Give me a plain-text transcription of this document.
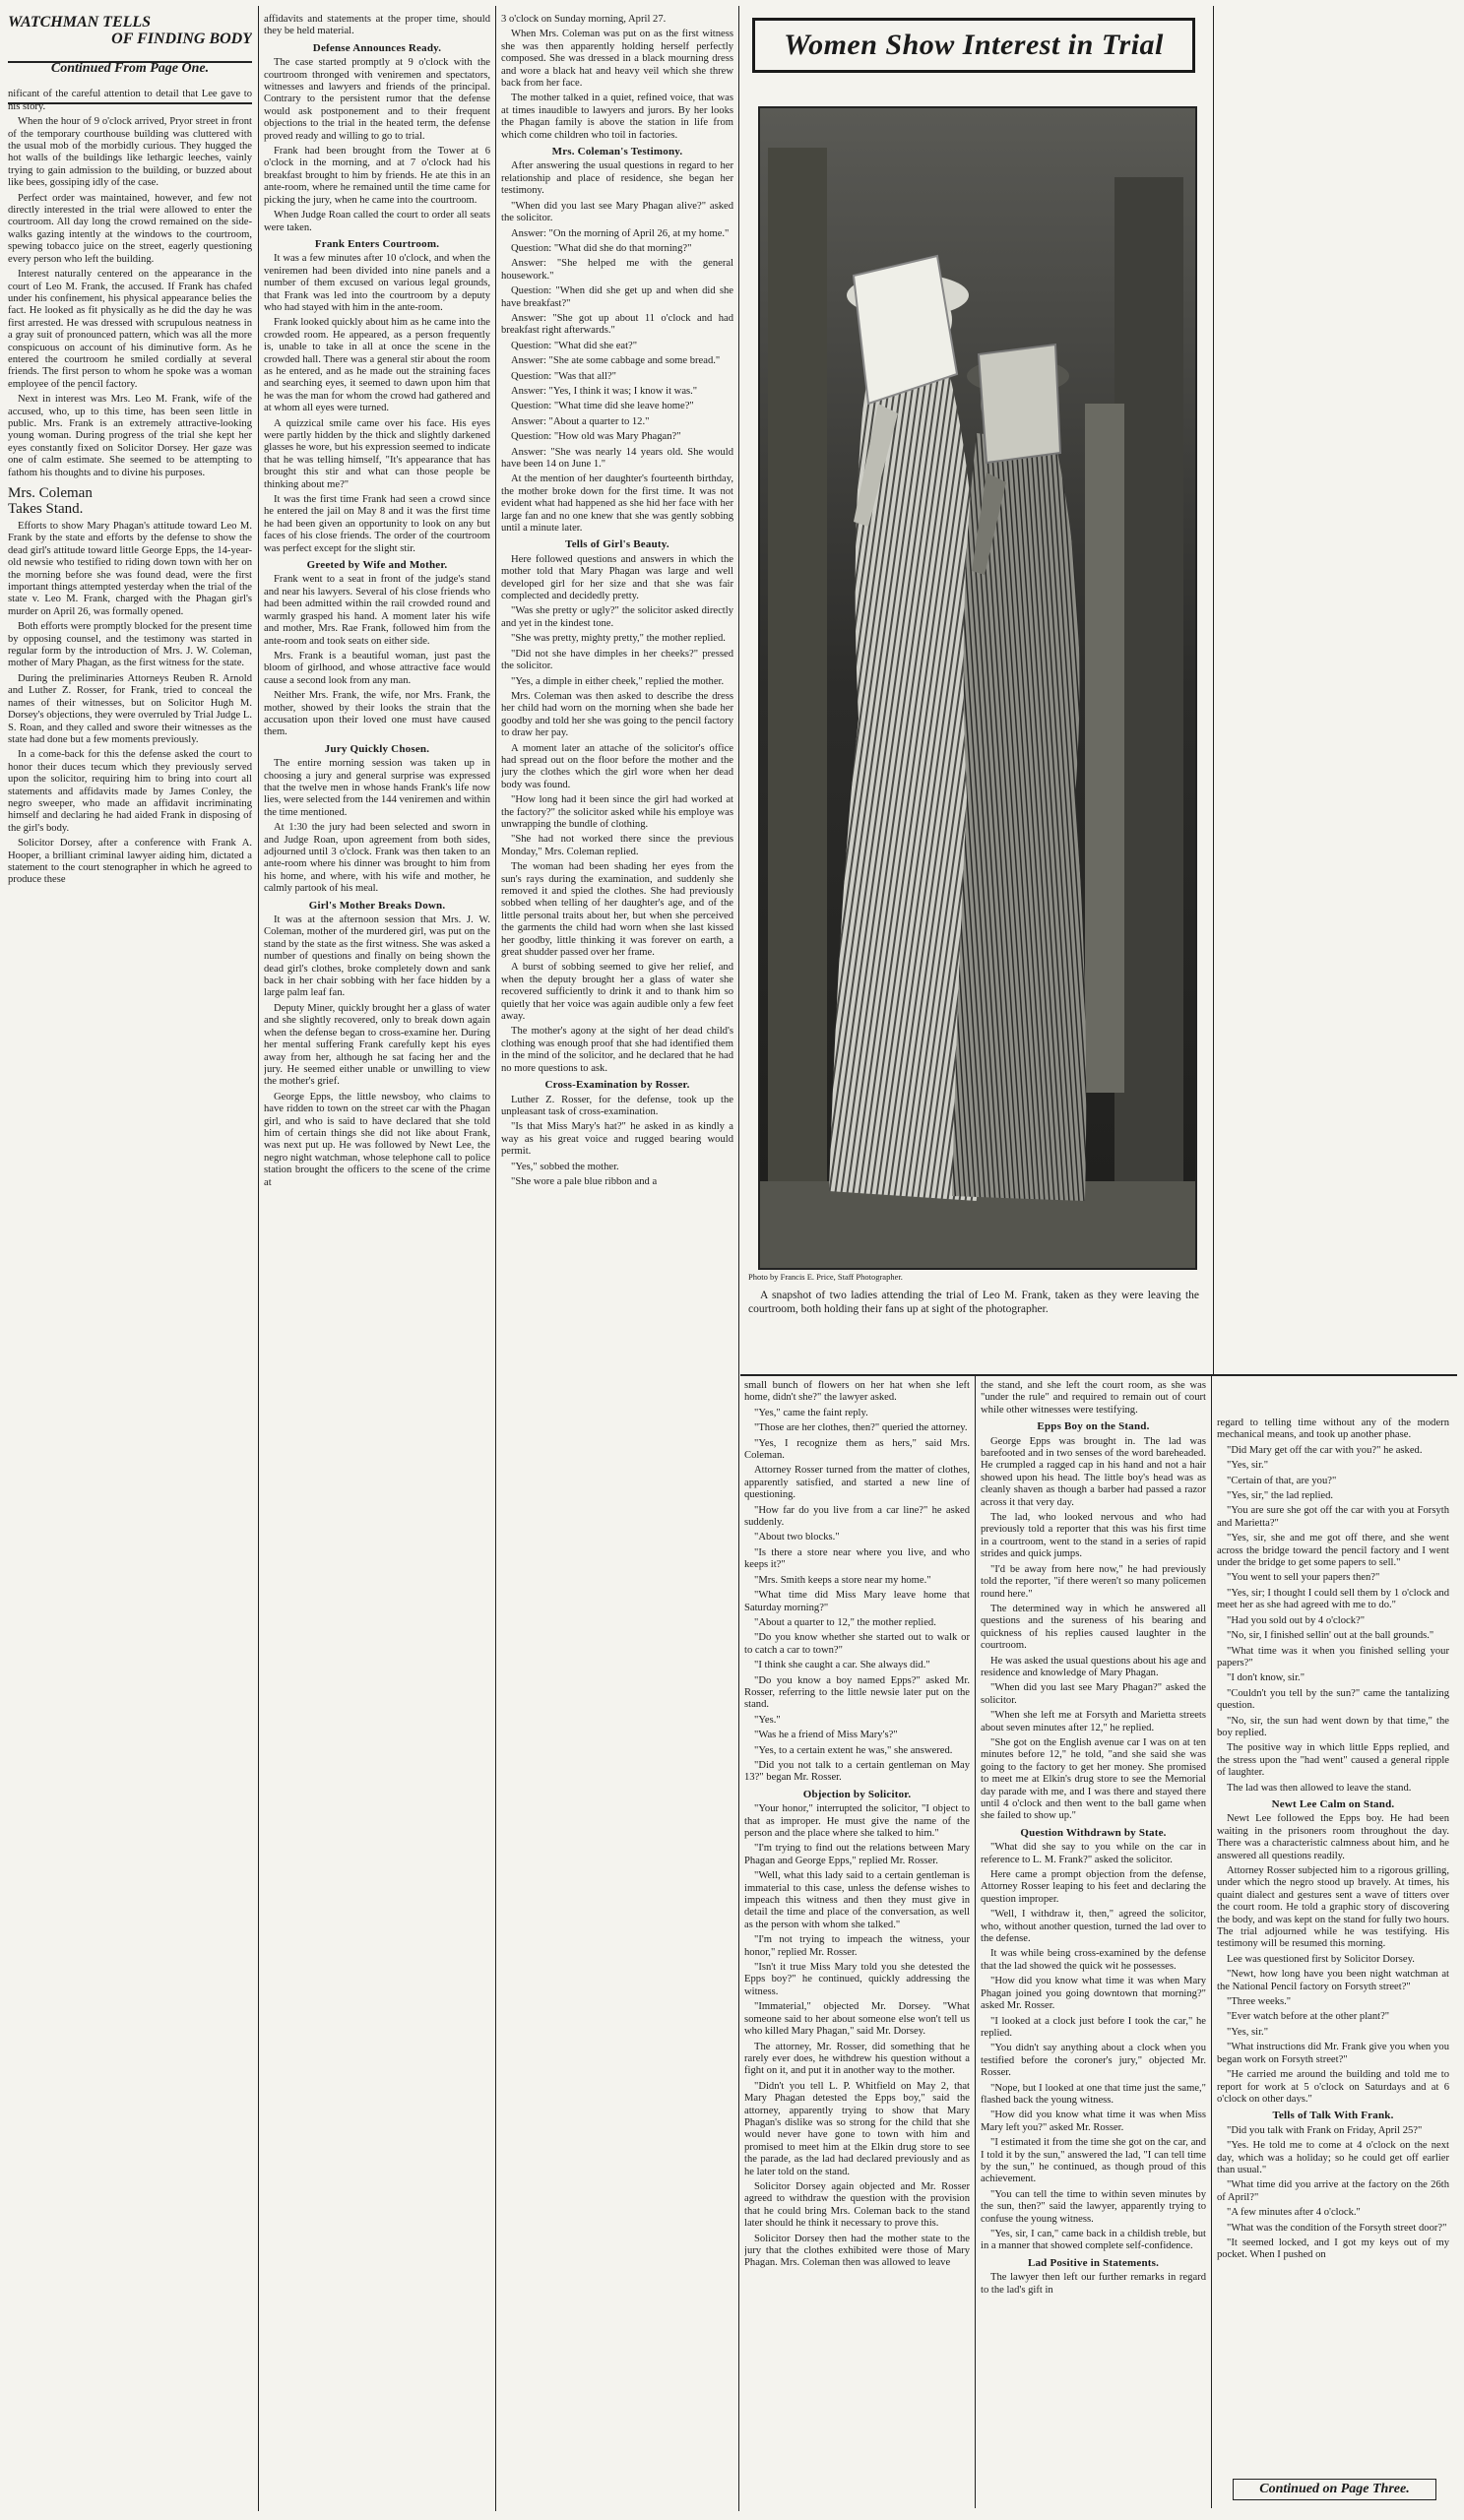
WATCHMAN TELLS
OF FINDING BODY
Continued From Page One.

nificant of the careful attention to detail that Lee gave to his story.

When the hour of 9 o'clock arrived, Pryor street in front of the temporary courthouse building was cluttered with the usual mob of the morbidly curious. They hugged the hot walls of the buildings like lethargic leeches, vainly trying to gain admission to the building, or buzzed about like bees, gossiping idly of the case.

Perfect order was maintained, however, and few not directly interested in the trial were allowed to enter the courtroom. All day long the crowd remained on the side-walks gazing intently at the windows to the courtroom, spewing tobacco juice on the street, eagerly questioning every person who left the building.

Interest naturally centered on the appearance in the court of Leo M. Frank, the accused. If Frank has chafed under his confinement, his physical appearance belies the fact. He looked as fit physically as he did the day he was first arrested. He was dressed with scrupulous neatness in a gray suit of pronounced pattern, which was all the more conspicuous on account of his diminutive form. As he entered the courtroom he smiled cordially at several friends. The first person to whom he spoke was a woman employee of the pencil factory.

Next in interest was Mrs. Leo M. Frank, wife of the accused, who, up to this time, has been seen little in public. Mrs. Frank is an extremely attractive-looking young woman. During progress of the trial she kept her eyes constantly fixed on Solicitor Dorsey. Her gaze was one of calm estimate. She seemed to be attempting to fathom his thoughts and to divine his purposes.

Mrs. Coleman
Takes Stand.

Efforts to show Mary Phagan's attitude toward Leo M. Frank by the state and efforts by the defense to show the dead girl's attitude toward little George Epps, the 14-year-old newsie who testified to riding down town with her on the morning before she was found dead, were the first important things attempted yesterday when the trial of the state v. Leo M. Frank, charged with the Phagan girl's murder on April 26, was formally opened.

Both efforts were promptly blocked for the present time by opposing counsel, and the testimony was started in regular form by the introduction of Mrs. J. W. Coleman, mother of Mary Phagan, as the first witness for the state.

During the preliminaries Attorneys Reuben R. Arnold and Luther Z. Rosser, for Frank, tried to conceal the names of their witnesses, but on Solicitor Hugh M. Dorsey's objections, they were overruled by Trial Judge L. S. Roan, and they called and swore their witnesses as the state had done but a few moments previously.

In a come-back for this the defense asked the court to honor their duces tecum which they previously served upon the solicitor, requiring him to bring into court all statements and affidavits made by James Conley, the negro sweeper, who made an affidavit incriminating himself and declaring he had aided Frank in disposing of the girl's body.

Solicitor Dorsey, after a conference with Frank A. Hooper, a brilliant criminal lawyer aiding him, dictated a statement to the court stenographer in which he agreed to produce these

affidavits and statements at the proper time, should they be held material.

Defense Announces Ready.

The case started promptly at 9 o'clock with the courtroom thronged with veniremen and spectators, witnesses and lawyers and friends of the principal. Contrary to the persistent rumor that the defense would ask postponement and to their frequent objections to the trial in the heated term, the defense proved ready and willing to go to trial.

Frank had been brought from the Tower at 6 o'clock in the morning, and at 7 o'clock had his breakfast brought to him by friends. He ate this in an ante-room, where he remained until the time came for picking the jury, when he came into the courtroom.

When Judge Roan called the court to order all seats were taken.

Frank Enters Courtroom.

It was a few minutes after 10 o'clock, and when the veniremen had been divided into nine panels and a number of them excused on various legal grounds, that Frank was led into the courtroom by a deputy who had stayed with him in the ante-room.

Frank looked quickly about him as he came into the crowded room. He appeared, as a person frequently is, unable to take in all at once the scene in the crowded hall. There was a general stir about the room as he entered, and as he made out the straining faces and searching eyes, it seemed to dawn upon him that he was the man for whom the crowd had gathered and at whom all eyes were turned.

A quizzical smile came over his face. His eyes were partly hidden by the thick and slightly darkened glasses he wore, but his expression seemed to indicate that he was telling himself, "It's appearance that has brought this stir and what can those people be thinking about me?"

It was the first time Frank had seen a crowd since he entered the jail on May 8 and it was the first time he had been given an opportunity to look on any but faces of his close friends. The order of the courtroom was perfect except for the slight stir.

Greeted by Wife and Mother.

Frank went to a seat in front of the judge's stand and near his lawyers. Several of his close friends who had been admitted within the rail crowded round and warmly grasped his hand. A moment later his wife and mother, Mrs. Rae Frank, followed him from the ante-room and took seats on either side.

Mrs. Frank is a beautiful woman, just past the bloom of girlhood, and whose attractive face would cause a second look from any man.

Neither Mrs. Frank, the wife, nor Mrs. Frank, the mother, showed by their looks the strain that the accusation upon their loved one must have caused them.

Jury Quickly Chosen.

The entire morning session was taken up in choosing a jury and general surprise was expressed that the twelve men in whose hands Frank's life now lies, were selected from the 144 veniremen and within the time mentioned.

At 1:30 the jury had been selected and sworn in and Judge Roan, upon agreement from both sides, adjourned until 3 o'clock. Frank was then taken to an ante-room where his dinner was brought to him from his home, and where, with his wife and mother, he calmly partook of his meal.

Girl's Mother Breaks Down.

It was at the afternoon session that Mrs. J. W. Coleman, mother of the murdered girl, was put on the stand by the state as the first witness. She was asked a number of questions and finally on being shown the dead girl's clothes, broke completely down and sank back in her chair sobbing with her face hidden by a large palm leaf fan.

Deputy Miner, quickly brought her a glass of water and she slightly recovered, only to break down again when the defense began to cross-examine her. During her mental suffering Frank carefully kept his eyes away from her, although he sat facing her and the jury. He seemed either unable or unwilling to view the mother's grief.

George Epps, the little newsboy, who claims to have ridden to town on the street car with the Phagan girl, and who is said to have declared that she told him of certain things she did not like about Frank, was next put up. He was followed by Newt Lee, the negro night watchman, whose telephone call to police station brought the officers to the scene of the crime at

3 o'clock on Sunday morning, April 27.

When Mrs. Coleman was put on as the first witness she was then apparently holding herself perfectly composed. She was dressed in a black mourning dress and wore a black hat and heavy veil which she threw back from her face.

The mother talked in a quiet, refined voice, that was at times inaudible to lawyers and jurors. By her looks the Phagan family is above the station in life from which come children who toil in factories.

Mrs. Coleman's Testimony.

After answering the usual questions in regard to her relationship and place of residence, she began her testimony.

"When did you last see Mary Phagan alive?" asked the solicitor.

Answer: "On the morning of April 26, at my home."

Question: "What did she do that morning?"

Answer: "She helped me with the general housework."

Question: "When did she get up and when did she have breakfast?"

Answer: "She got up about 11 o'clock and had breakfast right afterwards."

Question: "What did she eat?"

Answer: "She ate some cabbage and some bread."

Question: "Was that all?"

Answer: "Yes, I think it was; I know it was."

Question: "What time did she leave home?"

Answer: "About a quarter to 12."

Question: "How old was Mary Phagan?"

Answer: "She was nearly 14 years old. She would have been 14 on June 1."

At the mention of her daughter's fourteenth birthday, the mother broke down for the first time. It was not evident what had happened as she hid her face with her large fan and no one knew that she was gently sobbing until a minute later.

Tells of Girl's Beauty.

Here followed questions and answers in which the mother told that Mary Phagan was large and well developed girl for her size and that she was fair complected and decidedly pretty.

"Was she pretty or ugly?" the solicitor asked directly and yet in the kindest tone.

"She was pretty, mighty pretty," the mother replied.

"Did not she have dimples in her cheeks?" pressed the solicitor.

"Yes, a dimple in either cheek," replied the mother.

Mrs. Coleman was then asked to describe the dress her child had worn on the morning when she bade her goodby and told her she was going to the pencil factory to draw her pay.

A moment later an attache of the solicitor's office had spread out on the floor before the mother and the jury the clothes which the girl wore when her dead body was found.

"How long had it been since the girl had worked at the factory?" the solicitor asked while his employe was unwrapping the bundle of clothing.

"She had not worked there since the previous Monday," Mrs. Coleman replied.

The woman had been shading her eyes from the sun's rays during the examination, and suddenly she removed it and spied the clothes. She had previously sobbed when telling of her daughter's age, and of the little personal traits about her, but when she perceived the garments the child had worn when she last kissed her goodby, little thinking it was forever on earth, a great shudder passed over her frame.

A burst of sobbing seemed to give her relief, and when the deputy brought her a glass of water she recovered sufficiently to drink it and to thank him so quietly that her voice was again audible only a few feet away.

The mother's agony at the sight of her dead child's clothing was enough proof that she had identified them in the mind of the solicitor, and he declared that he had no more questions to ask.

Cross-Examination by Rosser.

Luther Z. Rosser, for the defense, took up the unpleasant task of cross-examination.

"Is that Miss Mary's hat?" he asked in as kindly a way as his great voice and rugged bearing would permit.

"Yes," sobbed the mother.

"She wore a pale blue ribbon and a

Women Show Interest in Trial
Photo by Francis E. Price, Staff Photographer.
A snapshot of two ladies attending the trial of Leo M. Frank, taken as they were leaving the courtroom, both holding their fans up at sight of the photographer.

small bunch of flowers on her hat when she left home, didn't she?" the lawyer asked.

"Yes," came the faint reply.

"Those are her clothes, then?" queried the attorney.

"Yes, I recognize them as hers," said Mrs. Coleman.

Attorney Rosser turned from the matter of clothes, apparently satisfied, and started a new line of questioning.

"How far do you live from a car line?" he asked suddenly.

"About two blocks."

"Is there a store near where you live, and who keeps it?"

"Mrs. Smith keeps a store near my home."

"What time did Miss Mary leave home that Saturday morning?"

"About a quarter to 12," the mother replied.

"Do you know whether she started out to walk or to catch a car to town?"

"I think she caught a car. She always did."

"Do you know a boy named Epps?" asked Mr. Rosser, referring to the little newsie later put on the stand.

"Yes."

"Was he a friend of Miss Mary's?"

"Yes, to a certain extent he was," she answered.

"Did you not talk to a certain gentleman on May 13?" began Mr. Rosser.

Objection by Solicitor.

"Your honor," interrupted the solicitor, "I object to that as improper. He must give the name of the person and the place where she talked to him."

"I'm trying to find out the relations between Mary Phagan and George Epps," replied Mr. Rosser.

"Well, what this lady said to a certain gentleman is immaterial to this case, unless the defense wishes to impeach this witness and then they must give in detail the time and place of the conversation, as well as the person with whom she talked."

"I'm not trying to impeach the witness, your honor," replied Mr. Rosser.

"Isn't it true Miss Mary told you she detested the Epps boy?" he continued, quickly addressing the witness.

"Immaterial," objected Mr. Dorsey. "What someone said to her about someone else won't tell us who killed Mary Phagan," said Mr. Dorsey.

The attorney, Mr. Rosser, did something that he rarely ever does, he withdrew his question without a fight on it, and put it in another way to the mother.

"Didn't you tell L. P. Whitfield on May 2, that Mary Phagan detested the Epps boy," said the attorney, apparently trying to show that Mary Phagan's dislike was so strong for the child that she would never have gone to town with him and promised to meet him at the Elkin drug store to see the parade, as the lad had declared previously and as he later told on the stand.

Solicitor Dorsey again objected and Mr. Rosser agreed to withdraw the question with the provision that he could bring Mrs. Coleman back to the stand later should he think it necessary to prove this.

Solicitor Dorsey then had the mother state to the jury that the clothes exhibited were those of Mary Phagan. Mrs. Coleman then was allowed to leave

the stand, and she left the court room, as she was "under the rule" and required to remain out of court while other witnesses were testifying.

Epps Boy on the Stand.

George Epps was brought in. The lad was barefooted and in two senses of the word bareheaded. He crumpled a ragged cap in his hand and not a hair showed upon his head. The little boy's head was as cleanly shaven as though a barber had passed a razor across it that very day.

The lad, who looked nervous and who had previously told a reporter that this was his first time in a courtroom, went to the stand in a series of rapid strides and quick jumps.

"I'd be away from here now," he had previously told the reporter, "if there weren't so many policemen round here."

The determined way in which he answered all questions and the sureness of his bearing and quickness of his replies caused laughter in the courtroom.

He was asked the usual questions about his age and residence and knowledge of Mary Phagan.

"When did you last see Mary Phagan?" asked the solicitor.

"When she left me at Forsyth and Marietta streets about seven minutes after 12," he replied.

"She got on the English avenue car I was on at ten minutes before 12," he told, "and she said she was going to the factory to get her money. She promised to meet me at Elkin's drug store to see the Memorial day parade with me, and I was there and stayed there until 4 o'clock and then went to the ball game when she failed to show up."

Question Withdrawn by State.

"What did she say to you while on the car in reference to L. M. Frank?" asked the solicitor.

Here came a prompt objection from the defense, Attorney Rosser leaping to his feet and declaring the question improper.

"Well, I withdraw it, then," agreed the solicitor, who, without another question, turned the lad over to the defense.

It was while being cross-examined by the defense that the lad showed the quick wit he possesses.

"How did you know what time it was when Mary Phagan joined you going downtown that morning?" asked Mr. Rosser.

"I looked at a clock just before I took the car," he replied.

"You didn't say anything about a clock when you testified before the coroner's jury," objected Mr. Rosser.

"Nope, but I looked at one that time just the same," flashed back the young witness.

"How did you know what time it was when Miss Mary left you?" asked Mr. Rosser.

"I estimated it from the time she got on the car, and I told it by the sun," answered the lad, "I can tell time by the sun," he continued, as though proud of this achievement.

"You can tell the time to within seven minutes by the sun, then?" said the lawyer, apparently trying to confuse the young witness.

"Yes, sir, I can," came back in a childish treble, but in a manner that showed complete self-confidence.

Lad Positive in Statements.

The lawyer then left our further remarks in regard to the lad's gift in

regard to telling time without any of the modern mechanical means, and took up another phase.

"Did Mary get off the car with you?" he asked.

"Yes, sir."

"Certain of that, are you?"

"Yes, sir," the lad replied.

"You are sure she got off the car with you at Forsyth and Marietta?"

"Yes, sir, she and me got off there, and she went across the bridge toward the pencil factory and I went under the bridge to get some papers to sell."

"You went to sell your papers then?"

"Yes, sir; I thought I could sell them by 1 o'clock and meet her as she had agreed with me to do."

"Had you sold out by 4 o'clock?"

"No, sir, I finished sellin' out at the ball grounds."

"What time was it when you finished selling your papers?"

"I don't know, sir."

"Couldn't you tell by the sun?" came the tantalizing question.

"No, sir, the sun had went down by that time," the boy replied.

The positive way in which little Epps replied, and the stress upon the "had went" caused a general ripple of laughter.

The lad was then allowed to leave the stand.

Newt Lee Calm on Stand.

Newt Lee followed the Epps boy. He had been waiting in the prisoners room throughout the day. There was a characteristic calmness about him, and he answered all questions readily.

Attorney Rosser subjected him to a rigorous grilling, under which the negro stood up bravely. At times, his quaint dialect and gestures sent a wave of titters over the court room. He told a graphic story of discovering the body, and was kept on the stand for fully two hours. The trial adjourned while he was testifying. His testimony will be resumed this morning.

Lee was questioned first by Solicitor Dorsey.

"Newt, how long have you been night watchman at the National Pencil factory on Forsyth street?"

"Three weeks."

"Ever watch before at the other plant?"

"Yes, sir."

"What instructions did Mr. Frank give you when you began work on Forsyth street?"

"He carried me around the building and told me to report for work at 5 o'clock on Saturdays and at 6 o'clock on other days."

Tells of Talk With Frank.

"Did you talk with Frank on Friday, April 25?"

"Yes. He told me to come at 4 o'clock on the next day, which was a holiday; so he could get off earlier than usual."

"What time did you arrive at the factory on the 26th of April?"

"A few minutes after 4 o'clock."

"What was the condition of the Forsyth street door?"

"It seemed locked, and I got my keys out of my pocket. When I pushed on

Continued on Page Three.
